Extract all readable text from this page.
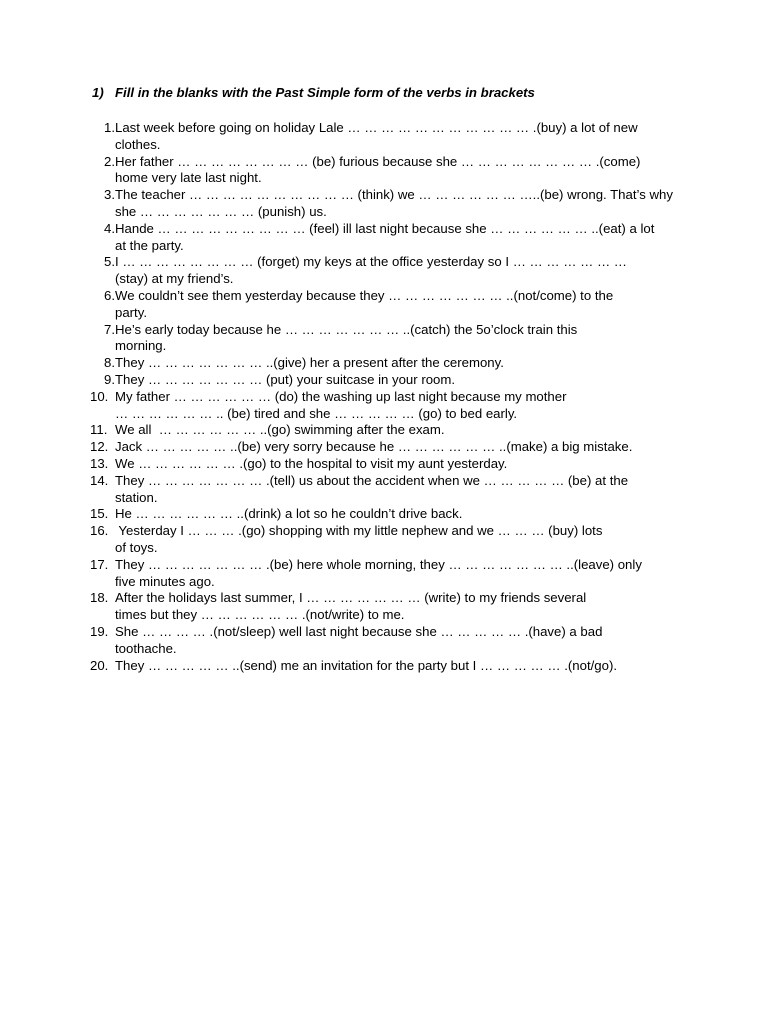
1) Fill in the blanks with the Past Simple form of the verbs in brackets
1. Last week before going on holiday Lale … … … … … … … … … … … .(buy) a lot of new
clothes.
2. Her father … … … … … … … … (be) furious because she … … … … … … … … .(come)
home very late last night.
3. The teacher … … … … … … … … … … (think) we … … … … … … …..(be) wrong. That’s why
she … … … … … … … (punish) us.
4. Hande … … … … … … … … … (feel) ill last night because she … … … … … … ..(eat) a lot
at the party.
5. I … … … … … … … … (forget) my keys at the office yesterday so I … … … … … … …
(stay) at my friend’s.
6. We couldn’t see them yesterday because they … … … … … … … ..(not/come) to the
party.
7. He’s early today because he … … … … … … … ..(catch) the 5o’clock train this
morning.
8. They … … … … … … … ..(give) her a present after the ceremony.
9. They … … … … … … … (put) your suitcase in your room.
10. My father … … … … … … (do) the washing up last night because my mother
… … … … … … .. (be) tired and she … … … … … (go) to bed early.
11. We all  … … … … … … ..(go) swimming after the exam.
12. Jack … … … … … ..(be) very sorry because he … … … … … … ..(make) a big mistake.
13. We … … … … … … .(go) to the hospital to visit my aunt yesterday.
14. They … … … … … … … .(tell) us about the accident when we … … … … … (be) at the
station.
15. He … … … … … … ..(drink) a lot so he couldn’t drive back.
16. Yesterday I … … … .(go) shopping with my little nephew and we … … … (buy) lots
of toys.
17. They … … … … … … … .(be) here whole morning, they … … … … … … … ..(leave) only
five minutes ago.
18. After the holidays last summer, I … … … … … … … (write) to my friends several
times but they … … … … … … .(not/write) to me.
19. She … … … … .(not/sleep) well last night because she … … … … … .(have) a bad
toothache.
20. They … … … … … ..(send) me an invitation for the party but I … … … … … .(not/go).
